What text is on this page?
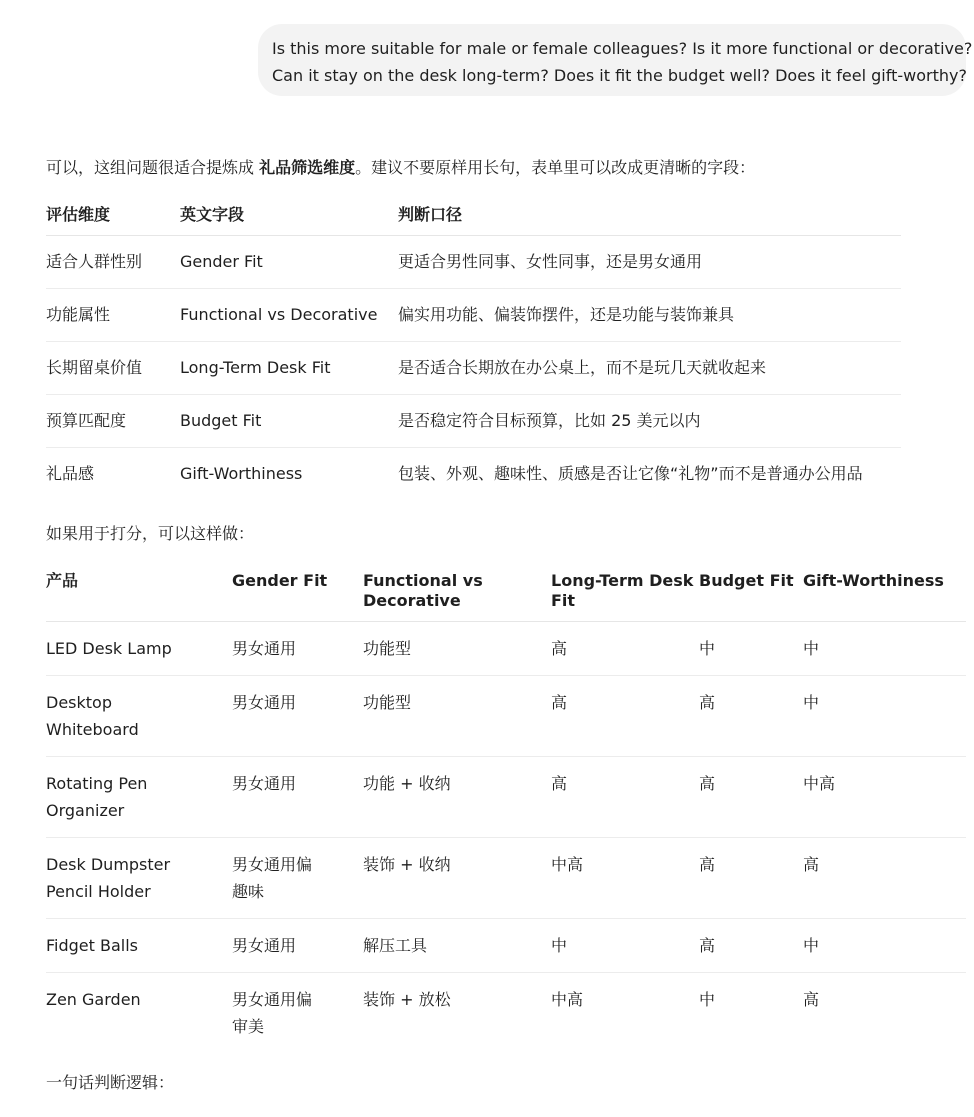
Is this more suitable for male or female colleagues? Is it more functional or decorative?
Can it stay on the desk long-term? Does it fit the budget well? Does it feel gift-worthy?
可以，这组问题很适合提炼成 礼品筛选维度。建议不要原样用长句，表单里可以改成更清晰的字段：
评估维度	英文字段	判断口径
适合人群性别	Gender Fit	更适合男性同事、女性同事，还是男女通用
功能属性	Functional vs Decorative	偏实用功能、偏装饰摆件，还是功能与装饰兼具
长期留桌价值	Long-Term Desk Fit	是否适合长期放在办公桌上，而不是玩几天就收起来
预算匹配度	Budget Fit	是否稳定符合目标预算，比如 25 美元以内
礼品感	Gift-Worthiness	包装、外观、趣味性、质感是否让它像“礼物”而不是普通办公用品
如果用于打分，可以这样做：
产品	Gender Fit	Functional vs Decorative	Long-Term Desk Fit	Budget Fit	Gift-Worthiness
LED Desk Lamp	男女通用	功能型	高	中	中
Desktop Whiteboard	男女通用	功能型	高	高	中
Rotating Pen Organizer	男女通用	功能 + 收纳	高	高	中高
Desk Dumpster Pencil Holder	男女通用偏趣味	装饰 + 收纳	中高	高	高
Fidget Balls	男女通用	解压工具	中	高	中
Zen Garden	男女通用偏审美	装饰 + 放松	中高	中	高
一句话判断逻辑：
